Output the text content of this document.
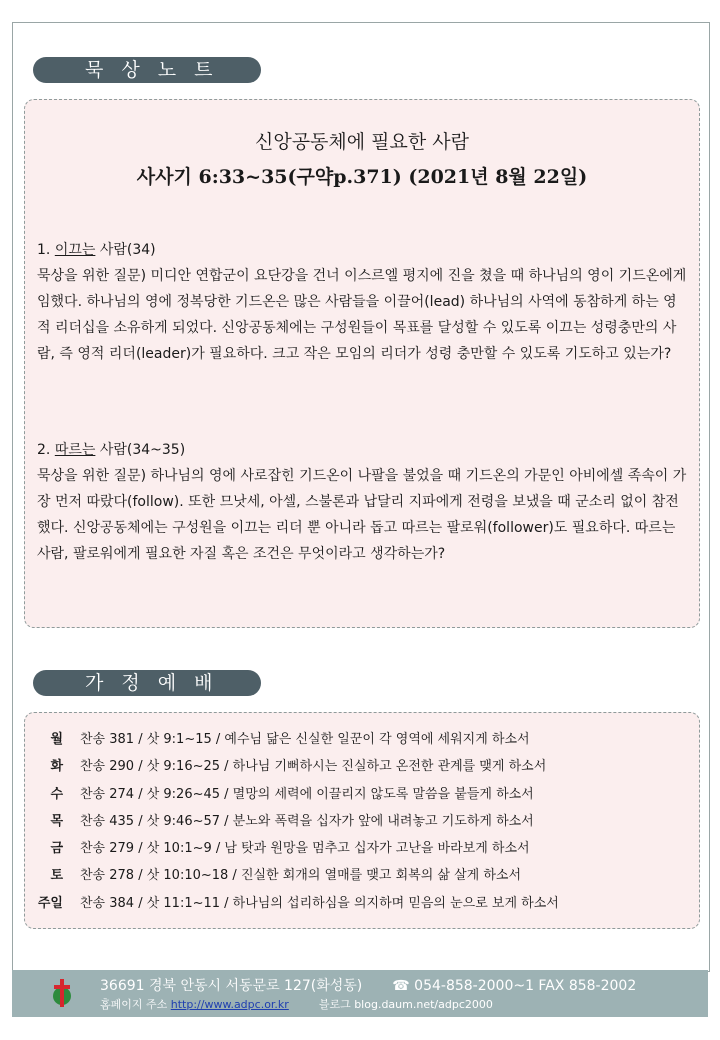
묵 상 노 트
신앙공동체에 필요한 사람
사사기 6:33~35(구약p.371) (2021년 8월 22일)
1. 이끄는 사람(34)
묵상을 위한 질문) 미디안 연합군이 요단강을 건너 이스르엘 평지에 진을 쳤을 때 하나님의 영이 기드온에게 임했다. 하나님의 영에 정복당한 기드온은 많은 사람들을 이끌어(lead) 하나님의 사역에 동참하게 하는 영적 리더십을 소유하게 되었다. 신앙공동체에는 구성원들이 목표를 달성할 수 있도록 이끄는 성령충만의 사람, 즉 영적 리더(leader)가 필요하다. 크고 작은 모임의 리더가 성령 충만할 수 있도록 기도하고 있는가?
2. 따르는 사람(34~35)
묵상을 위한 질문) 하나님의 영에 사로잡힌 기드온이 나팔을 불었을 때 기드온의 가문인 아비에셀 족속이 가장 먼저 따랐다(follow). 또한 므낫세, 아셀, 스불론과 납달리 지파에게 전령을 보냈을 때 군소리 없이 참전했다. 신앙공동체에는 구성원을 이끄는 리더 뿐 아니라 돕고 따르는 팔로워(follower)도 필요하다. 따르는 사람, 팔로워에게 필요한 자질 혹은 조건은 무엇이라고 생각하는가?
가 정 예 배
월 찬송 381 / 삿 9:1~15 / 예수님 닮은 신실한 일꾼이 각 영역에 세워지게 하소서
화 찬송 290 / 삿 9:16~25 / 하나님 기뻐하시는 진실하고 온전한 관계를 맺게 하소서
수 찬송 274 / 삿 9:26~45 / 멸망의 세력에 이끌리지 않도록 말씀을 붙들게 하소서
목 찬송 435 / 삿 9:46~57 / 분노와 폭력을 십자가 앞에 내려놓고 기도하게 하소서
금 찬송 279 / 삿 10:1~9 / 남 탓과 원망을 멈추고 십자가 고난을 바라보게 하소서
토 찬송 278 / 삿 10:10~18 / 진실한 회개의 열매를 맺고 회복의 삶 살게 하소서
주일 찬송 384 / 삿 11:1~11 / 하나님의 섭리하심을 의지하며 믿음의 눈으로 보게 하소서
36691 경북 안동시 서동문로 127(화성동) ☎ 054-858-2000~1 FAX 858-2002
홈페이지 주소 http://www.adpc.or.kr	블로그 blog.daum.net/adpc2000
